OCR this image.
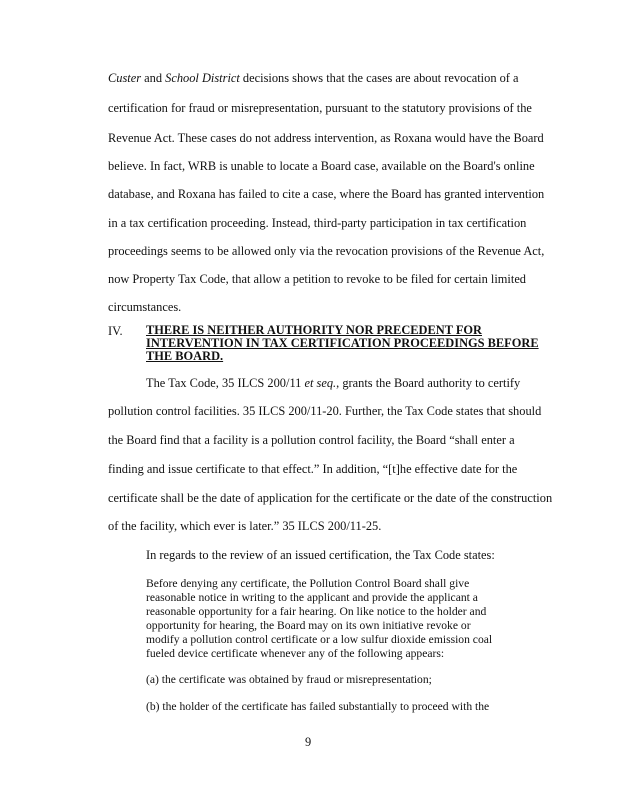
Custer and School District decisions shows that the cases are about revocation of a
certification for fraud or misrepresentation, pursuant to the statutory provisions of the
Revenue Act. These cases do not address intervention, as Roxana would have the Board
believe. In fact, WRB is unable to locate a Board case, available on the Board's online
database, and Roxana has failed to cite a case, where the Board has granted intervention
in a tax certification proceeding. Instead, third-party participation in tax certification
proceedings seems to be allowed only via the revocation provisions of the Revenue Act,
now Property Tax Code, that allow a petition to revoke to be filed for certain limited
circumstances.
IV. THERE IS NEITHER AUTHORITY NOR PRECEDENT FOR
INTERVENTION IN TAX CERTIFICATION PROCEEDINGS BEFORE
THE BOARD.
The Tax Code, 35 ILCS 200/11 et seq., grants the Board authority to certify
pollution control facilities. 35 ILCS 200/11-20. Further, the Tax Code states that should
the Board find that a facility is a pollution control facility, the Board “shall enter a
finding and issue certificate to that effect.” In addition, “[t]he effective date for the
certificate shall be the date of application for the certificate or the date of the construction
of the facility, which ever is later.” 35 ILCS 200/11-25.
In regards to the review of an issued certification, the Tax Code states:
Before denying any certificate, the Pollution Control Board shall give
reasonable notice in writing to the applicant and provide the applicant a
reasonable opportunity for a fair hearing. On like notice to the holder and
opportunity for hearing, the Board may on its own initiative revoke or
modify a pollution control certificate or a low sulfur dioxide emission coal
fueled device certificate whenever any of the following appears:
(a) the certificate was obtained by fraud or misrepresentation;
(b) the holder of the certificate has failed substantially to proceed with the
9
